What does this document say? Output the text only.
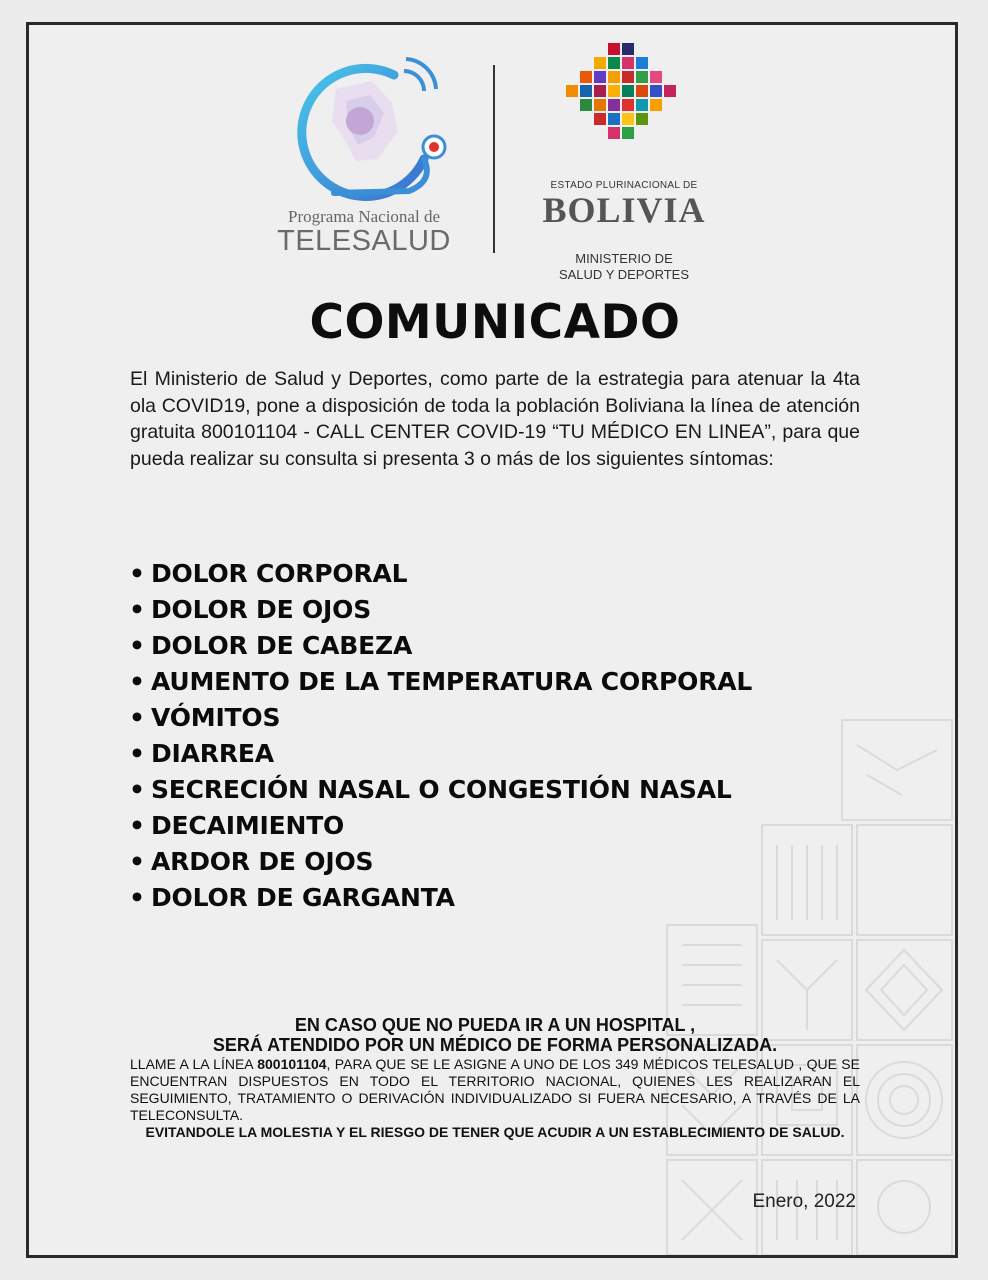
Programa Nacional de
TELESALUD
ESTADO PLURINACIONAL DE
BOLIVIA
MINISTERIO DE
SALUD Y DEPORTES
COMUNICADO
El Ministerio de Salud y Deportes, como parte de la estrategia para atenuar la 4ta ola COVID19, pone a disposición de toda la población Boliviana la línea de atención gratuita 800101104 - CALL CENTER COVID-19 “TU MÉDICO EN LINEA”, para que pueda realizar su consulta si presenta 3 o más de los siguientes síntomas:
• DOLOR CORPORAL
• DOLOR DE OJOS
• DOLOR DE CABEZA
• AUMENTO DE LA TEMPERATURA CORPORAL
• VÓMITOS
• DIARREA
• SECRECIÓN NASAL O CONGESTIÓN NASAL
• DECAIMIENTO
• ARDOR DE OJOS
• DOLOR DE GARGANTA
EN CASO QUE NO PUEDA IR A UN HOSPITAL ,
SERÁ ATENDIDO POR UN MÉDICO DE FORMA PERSONALIZADA.
LLAME A LA LÍNEA 800101104, PARA QUE SE LE ASIGNE A UNO DE LOS 349 MÉDICOS TELESALUD , QUE SE ENCUENTRAN DISPUESTOS EN TODO EL TERRITORIO NACIONAL, QUIENES LES REALIZARAN EL SEGUIMIENTO, TRATAMIENTO O DERIVACIÓN INDIVIDUALIZADO SI FUERA NECESARIO, A TRAVÉS DE LA TELECONSULTA.
EVITANDOLE LA MOLESTIA Y EL RIESGO DE TENER QUE ACUDIR A UN ESTABLECIMIENTO DE SALUD.
Enero, 2022
